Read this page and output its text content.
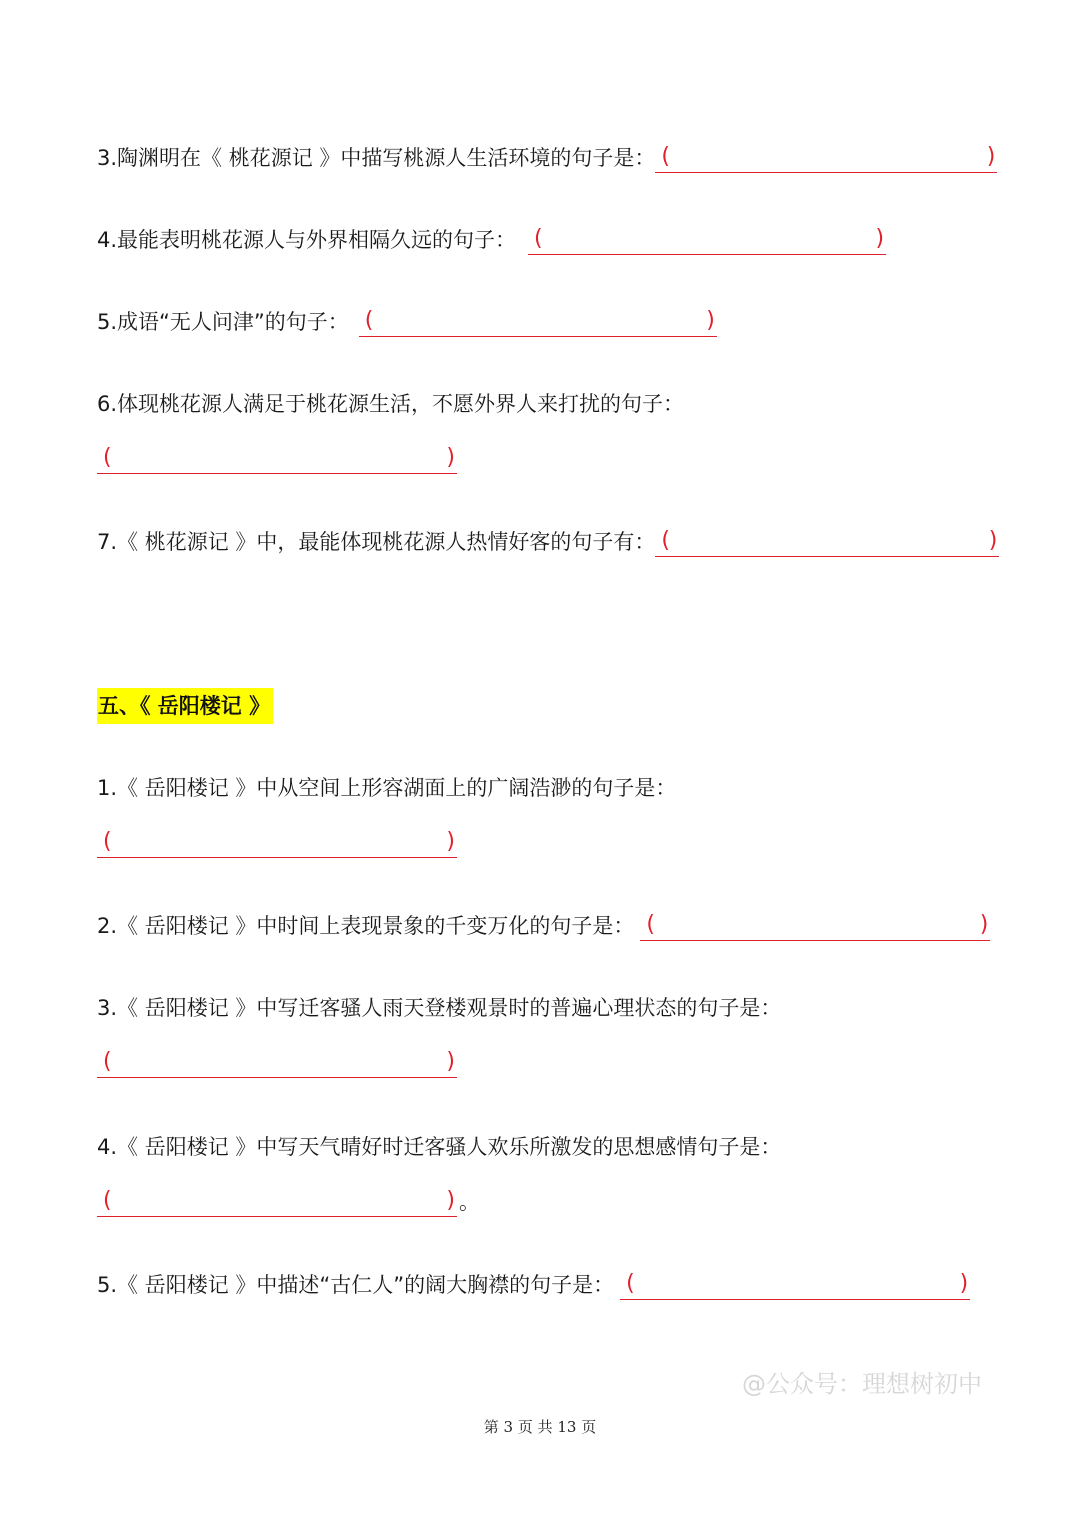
3.陶渊明在《 桃花源记 》中描写桃源人生活环境的句子是： (	)
4.最能表明桃花源人与外界相隔久远的句子： (	)
5.成语“无人问津”的句子： (	)
6.体现桃花源人满足于桃花源生活，不愿外界人来打扰的句子：
(	)
7.《 桃花源记 》中，最能体现桃花源人热情好客的句子有： (	)
五、《 岳阳楼记 》
1.《 岳阳楼记 》中从空间上形容湖面上的广阔浩渺的句子是：
(	)
2.《 岳阳楼记 》中时间上表现景象的千变万化的句子是： (	)
3.《 岳阳楼记 》中写迁客骚人雨天登楼观景时的普遍心理状态的句子是：
(	)
4.《 岳阳楼记 》中写天气晴好时迁客骚人欢乐所激发的思想感情句子是：
(	) 。
5.《 岳阳楼记 》中描述“古仁人”的阔大胸襟的句子是： (	)
@公众号：理想树初中
第 3 页 共 13 页
